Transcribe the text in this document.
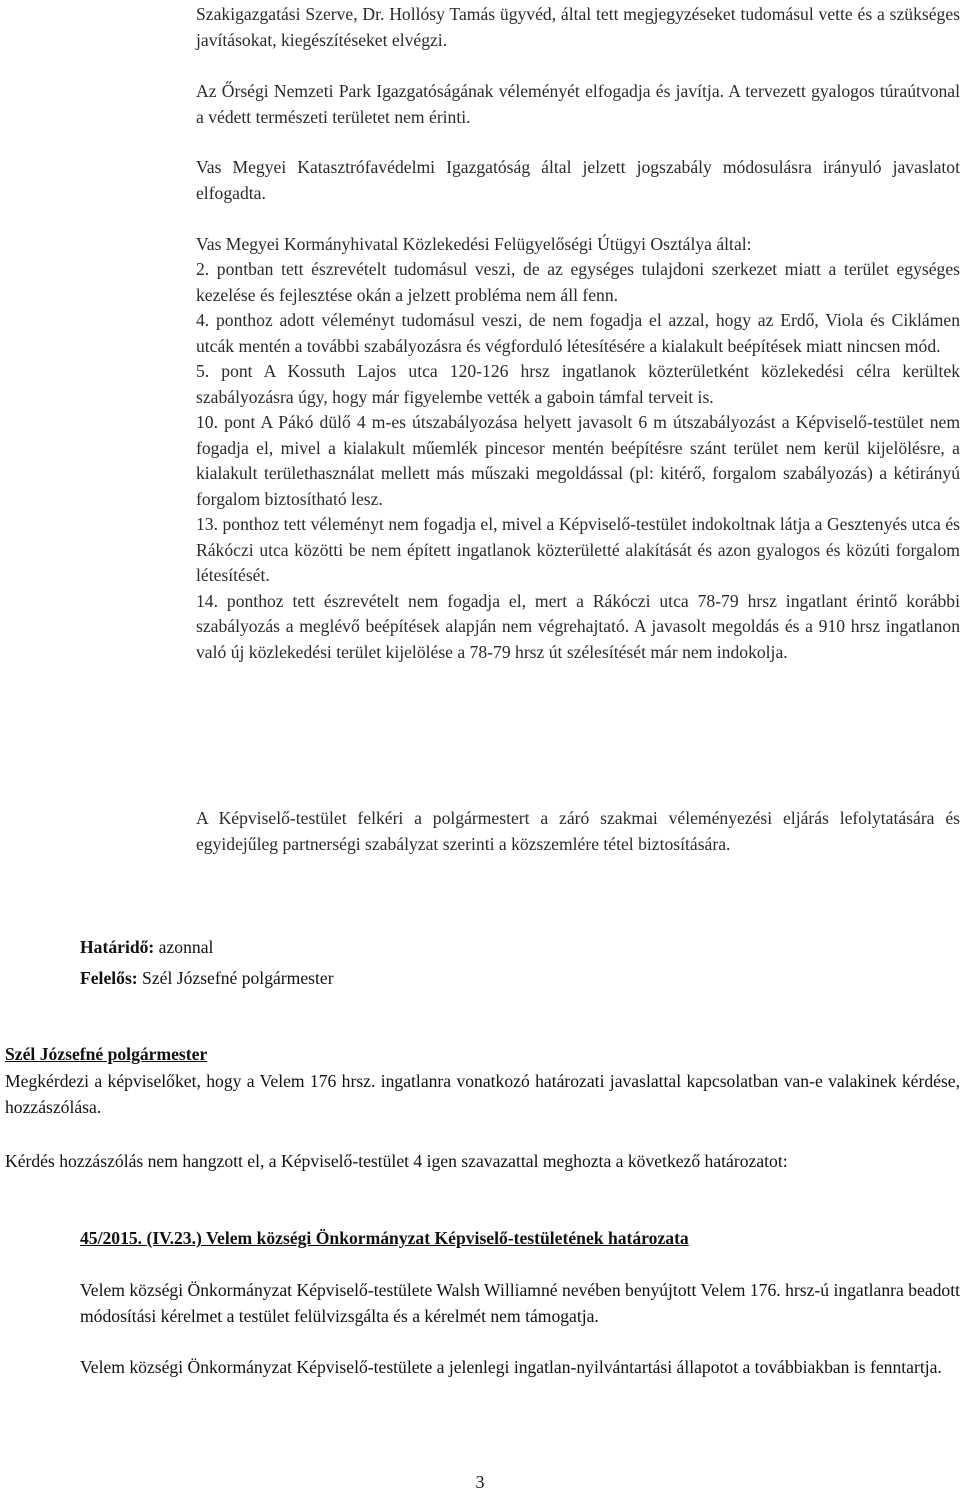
Szakigazgatási Szerve, Dr. Hollósy Tamás ügyvéd, által tett megjegyzéseket tudomásul vette és a szükséges javításokat, kiegészítéseket elvégzi.

Az Őrségi Nemzeti Park Igazgatóságának véleményét elfogadja és javítja. A tervezett gyalogos túraútvonal a védett természeti területet nem érinti.

Vas Megyei Katasztrófavédelmi Igazgatóság által jelzett jogszabály módosulásra irányuló javaslatot elfogadta.

Vas Megyei Kormányhivatal Közlekedési Felügyelőségi Útügyi Osztálya által:

2. pontban tett észrevételt tudomásul veszi, de az egységes tulajdoni szerkezet miatt a terület egységes kezelése és fejlesztése okán a jelzett probléma nem áll fenn.

4. ponthoz adott véleményt tudomásul veszi, de nem fogadja el azzal, hogy az Erdő, Viola és Ciklámen utcák mentén a további szabályozásra és végforduló létesítésére a kialakult beépítések miatt nincsen mód.

5. pont A Kossuth Lajos utca 120-126 hrsz ingatlanok közterületként közlekedési célra kerültek szabályozásra úgy, hogy már figyelembe vették a gaboin támfal terveit is.

10. pont A Pákó dülő 4 m-es útszabályozása helyett javasolt 6 m útszabályozást a Képviselő-testület nem fogadja el, mivel a kialakult műemlék pincesor mentén beépítésre szánt terület nem kerül kijelölésre, a kialakult területhasználat mellett más műszaki megoldással (pl: kitérő, forgalom szabályozás) a kétirányú forgalom biztosítható lesz.

13. ponthoz tett véleményt nem fogadja el, mivel a Képviselő-testület indokoltnak látja a Gesztenyés utca és Rákóczi utca közötti be nem épített ingatlanok közterületté alakítását és azon gyalogos és közúti forgalom létesítését.

14. ponthoz tett észrevételt nem fogadja el, mert a Rákóczi utca 78-79 hrsz ingatlant érintő korábbi szabályozás a meglévő beépítések alapján nem végrehajtató. A javasolt megoldás és a 910 hrsz ingatlanon való új közlekedési terület kijelölése a 78-79 hrsz út szélesítését már nem indokolja.

A Képviselő-testület felkéri a polgármestert a záró szakmai véleményezési eljárás lefolytatására és egyidejűleg partnerségi szabályzat szerinti a közszemlére tétel biztosítására.

Határidő: azonnal

Felelős: Szél Józsefné polgármester

Szél Józsefné polgármester

Megkérdezi a képviselőket, hogy a Velem 176 hrsz. ingatlanra vonatkozó határozati javaslattal kapcsolatban van-e valakinek kérdése, hozzászólása.

Kérdés hozzászólás nem hangzott el, a Képviselő-testület 4 igen szavazattal meghozta a következő határozatot:

45/2015. (IV.23.) Velem községi Önkormányzat Képviselő-testületének határozata

Velem községi Önkormányzat Képviselő-testülete Walsh Williamné nevében benyújtott Velem 176. hrsz-ú ingatlanra beadott módosítási kérelmet a testület felülvizsgálta és a kérelmét nem támogatja.

Velem községi Önkormányzat Képviselő-testülete a jelenlegi ingatlan-nyilvántartási állapotot a továbbiakban is fenntartja.

3
